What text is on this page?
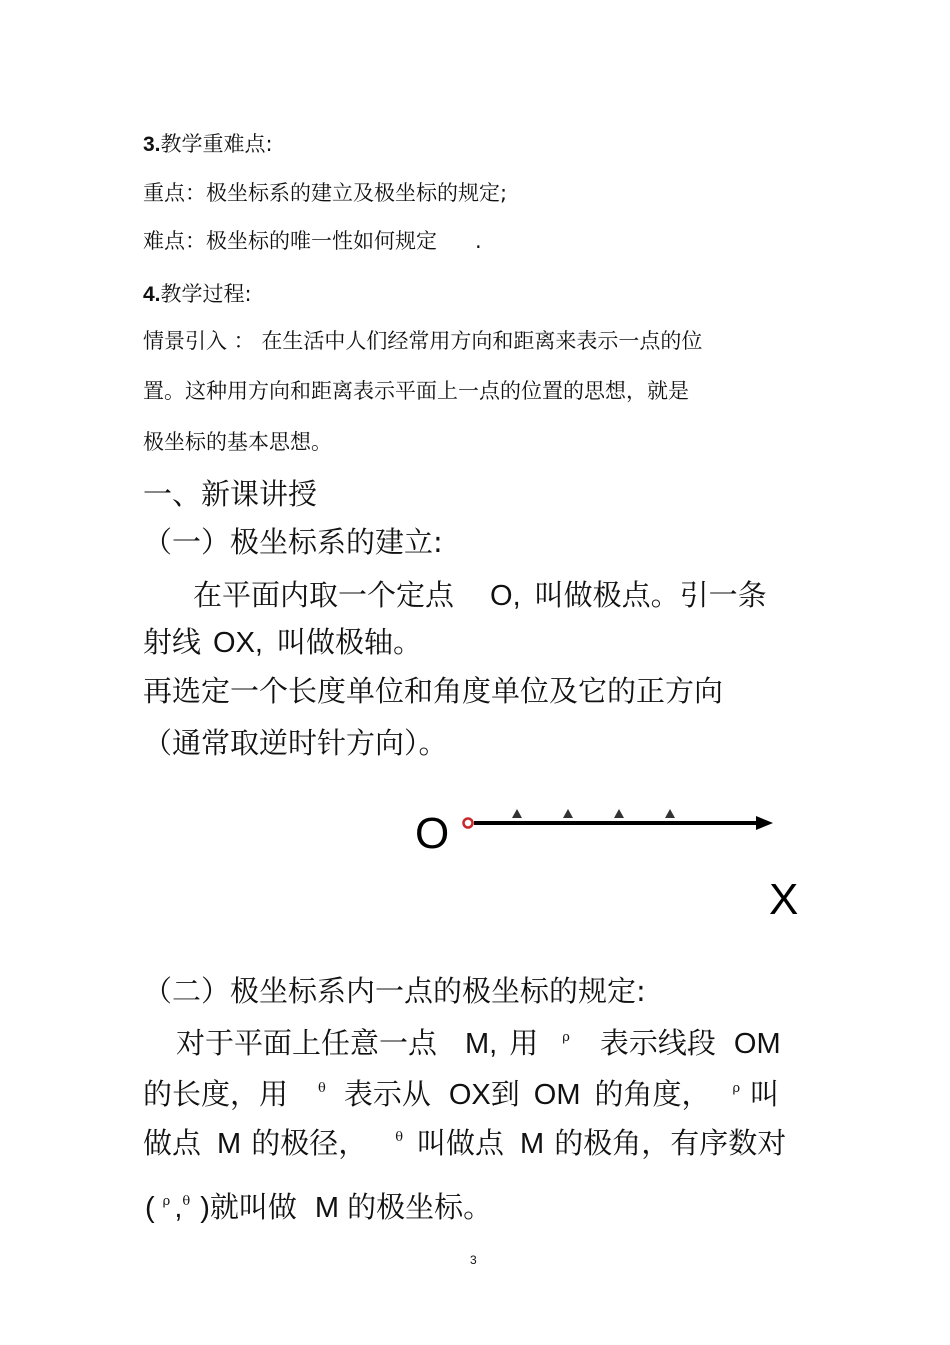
3.教学重难点:
重点：极坐标系的建立及极坐标的规定;
难点：极坐标的唯一性如何规定 .
4.教学过程:
情景引入 ： 在生活中人们经常用方向和距离来表示一点的位
置。这种用方向和距离表示平面上一点的位置的思想，就是
极坐标的基本思想。
一、新课讲授
（一）极坐标系的建立:
在平面内取一个定点 O, 叫做极点。引一条
射线 OX, 叫做极轴。
再选定一个长度单位和角度单位及它的正方向
（通常取逆时针方向）。
O
X
（二）极坐标系内一点的极坐标的规定:
对于平面上任意一点 M, 用 $^\rho$ 表示线段 OM
的长度，用 $^\theta$ 表示从 OX到 OM 的角度， $^\rho$ 叫
做点 M 的极径， $^\theta$ 叫做点 M 的极角，有序数对
( $^\rho$ ,$^\theta$ )就叫做 M 的极坐标。
3
